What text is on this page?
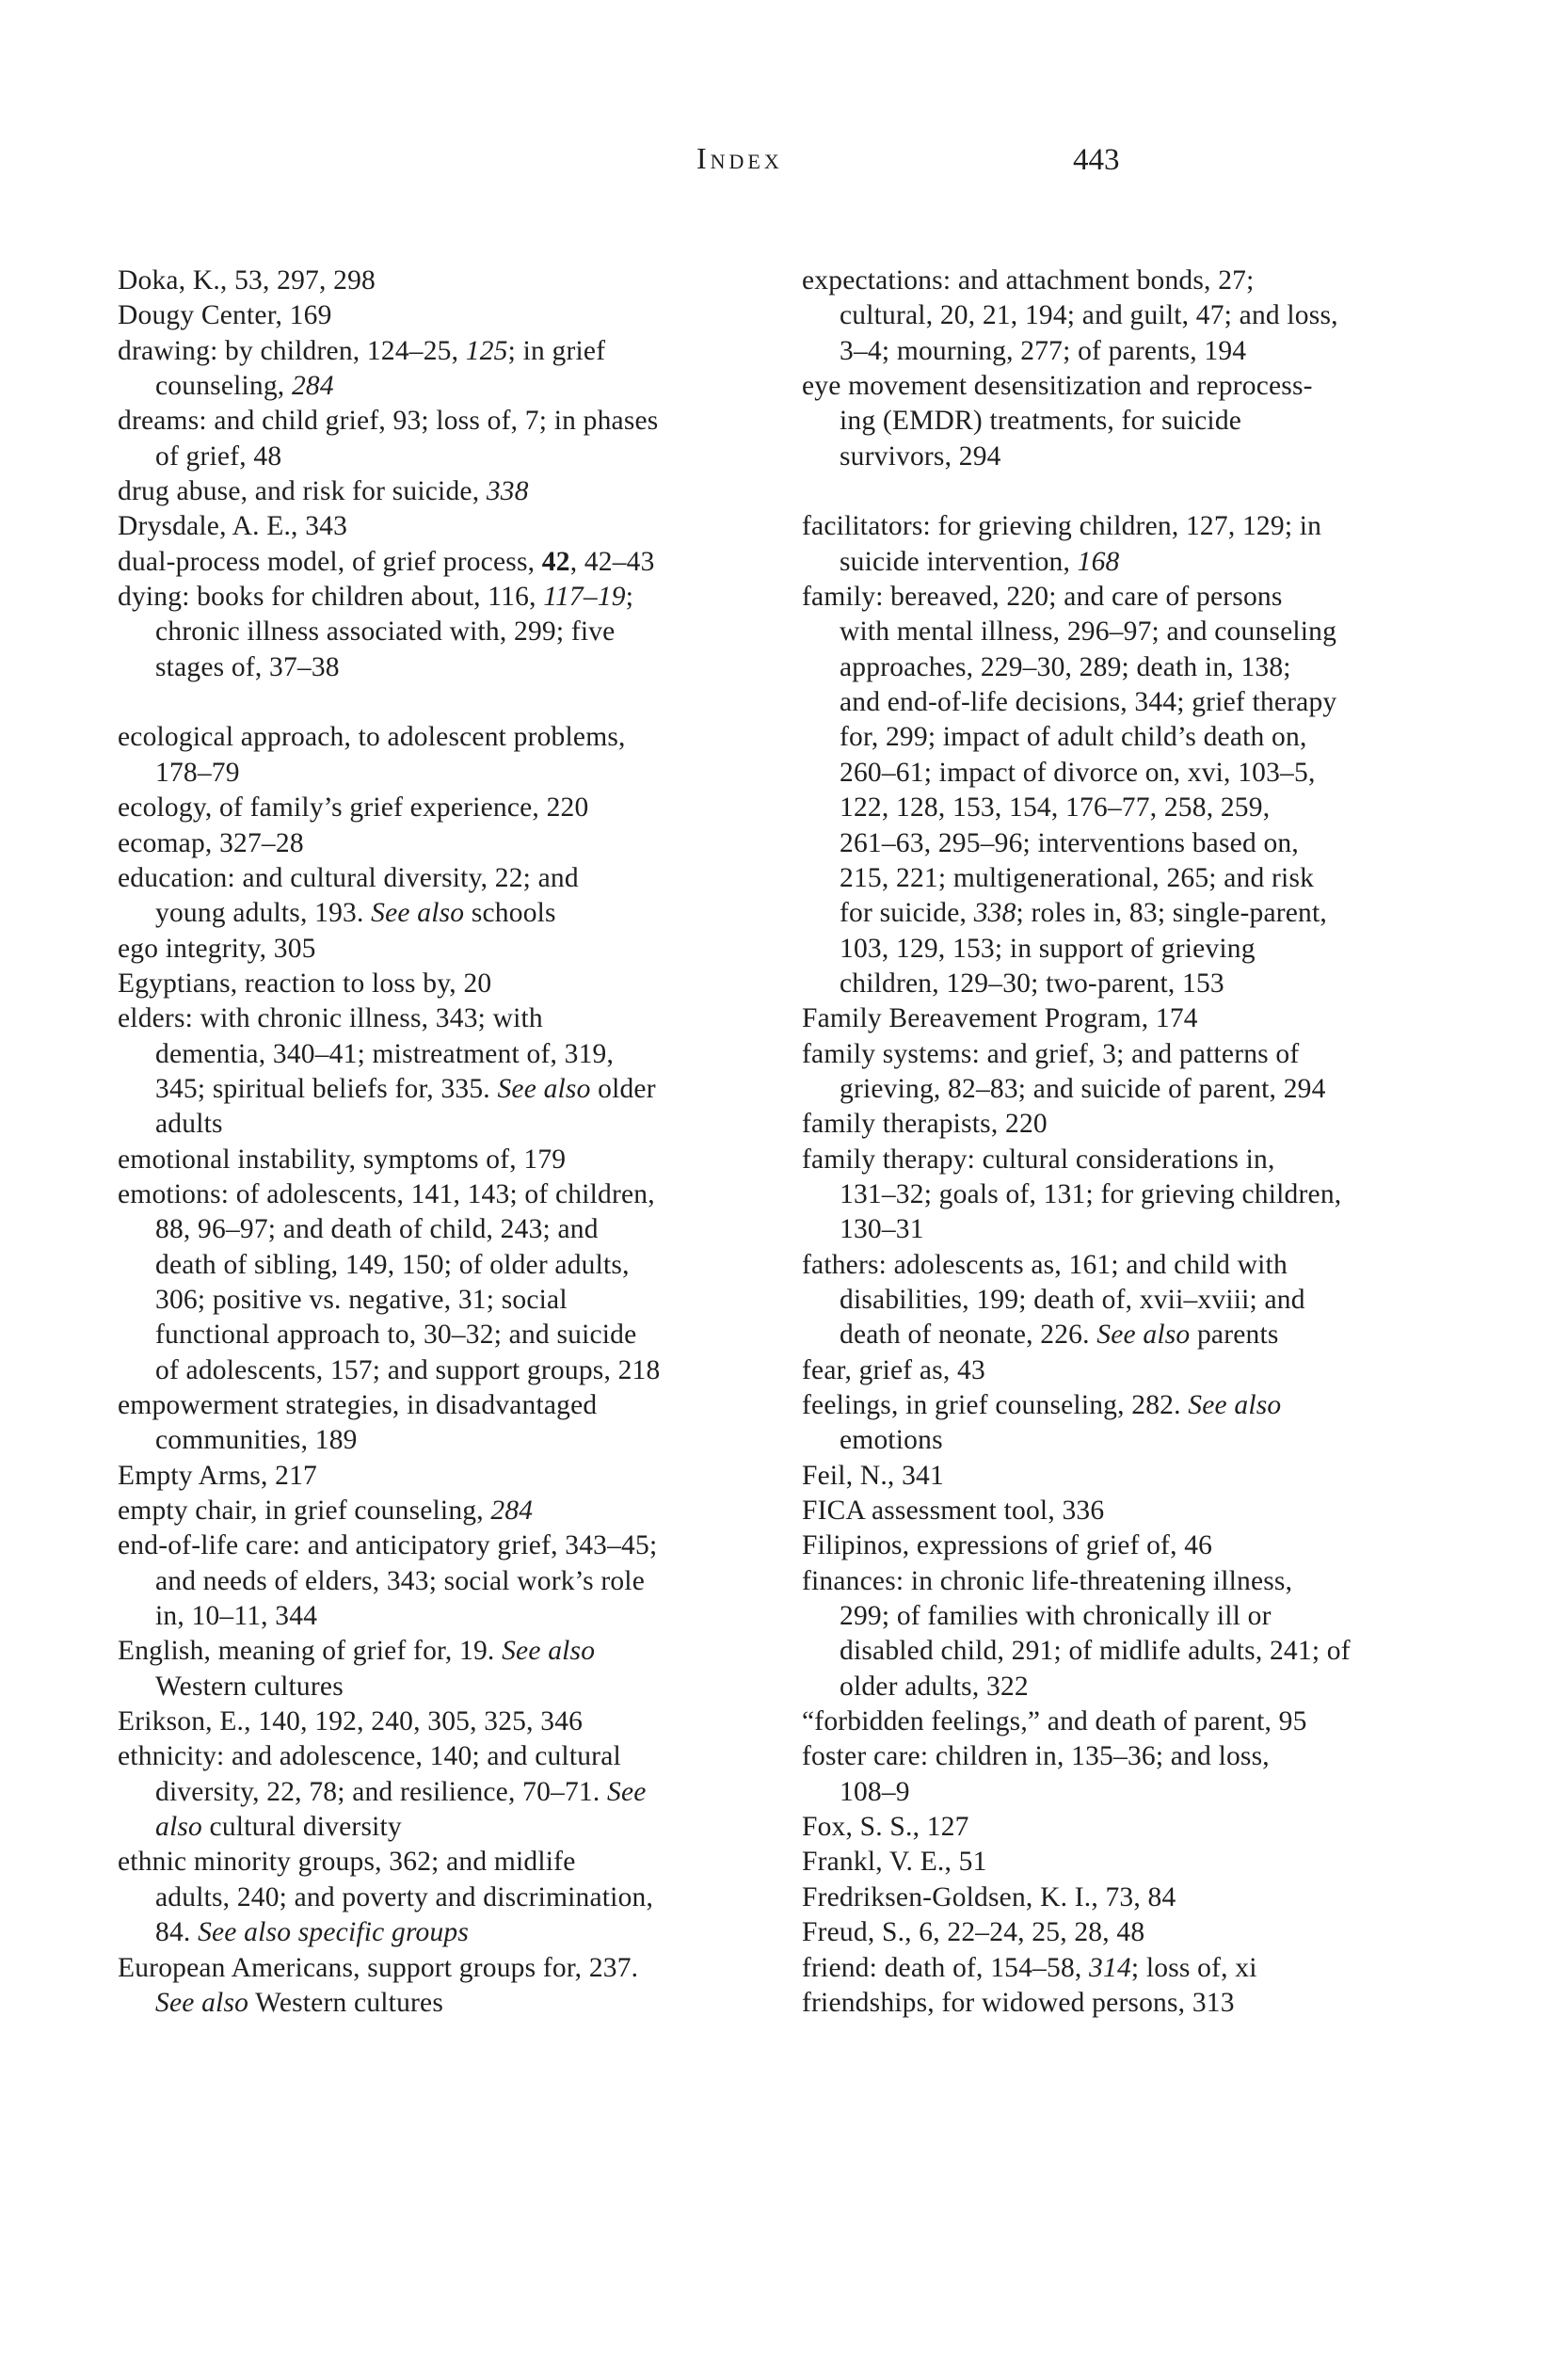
Index	443
Doka, K., 53, 297, 298
Dougy Center, 169
drawing: by children, 124–25, 125; in grief
counseling, 284
dreams: and child grief, 93; loss of, 7; in phases
of grief, 48
drug abuse, and risk for suicide, 338
Drysdale, A. E., 343
dual-process model, of grief process, 42, 42–43
dying: books for children about, 116, 117–19;
chronic illness associated with, 299; five
stages of, 37–38
ecological approach, to adolescent problems,
178–79
ecology, of family’s grief experience, 220
ecomap, 327–28
education: and cultural diversity, 22; and
young adults, 193. See also schools
ego integrity, 305
Egyptians, reaction to loss by, 20
elders: with chronic illness, 343; with
dementia, 340–41; mistreatment of, 319,
345; spiritual beliefs for, 335. See also older
adults
emotional instability, symptoms of, 179
emotions: of adolescents, 141, 143; of children,
88, 96–97; and death of child, 243; and
death of sibling, 149, 150; of older adults,
306; positive vs. negative, 31; social
functional approach to, 30–32; and suicide
of adolescents, 157; and support groups, 218
empowerment strategies, in disadvantaged
communities, 189
Empty Arms, 217
empty chair, in grief counseling, 284
end-of-life care: and anticipatory grief, 343–45;
and needs of elders, 343; social work’s role
in, 10–11, 344
English, meaning of grief for, 19. See also
Western cultures
Erikson, E., 140, 192, 240, 305, 325, 346
ethnicity: and adolescence, 140; and cultural
diversity, 22, 78; and resilience, 70–71. See
also cultural diversity
ethnic minority groups, 362; and midlife
adults, 240; and poverty and discrimination,
84. See also specific groups
European Americans, support groups for, 237.
See also Western cultures
expectations: and attachment bonds, 27;
cultural, 20, 21, 194; and guilt, 47; and loss,
3–4; mourning, 277; of parents, 194
eye movement desensitization and reprocess-
ing (EMDR) treatments, for suicide
survivors, 294
facilitators: for grieving children, 127, 129; in
suicide intervention, 168
family: bereaved, 220; and care of persons
with mental illness, 296–97; and counseling
approaches, 229–30, 289; death in, 138;
and end-of-life decisions, 344; grief therapy
for, 299; impact of adult child’s death on,
260–61; impact of divorce on, xvi, 103–5,
122, 128, 153, 154, 176–77, 258, 259,
261–63, 295–96; interventions based on,
215, 221; multigenerational, 265; and risk
for suicide, 338; roles in, 83; single-parent,
103, 129, 153; in support of grieving
children, 129–30; two-parent, 153
Family Bereavement Program, 174
family systems: and grief, 3; and patterns of
grieving, 82–83; and suicide of parent, 294
family therapists, 220
family therapy: cultural considerations in,
131–32; goals of, 131; for grieving children,
130–31
fathers: adolescents as, 161; and child with
disabilities, 199; death of, xvii–xviii; and
death of neonate, 226. See also parents
fear, grief as, 43
feelings, in grief counseling, 282. See also
emotions
Feil, N., 341
FICA assessment tool, 336
Filipinos, expressions of grief of, 46
finances: in chronic life-threatening illness,
299; of families with chronically ill or
disabled child, 291; of midlife adults, 241; of
older adults, 322
“forbidden feelings,” and death of parent, 95
foster care: children in, 135–36; and loss,
108–9
Fox, S. S., 127
Frankl, V. E., 51
Fredriksen-Goldsen, K. I., 73, 84
Freud, S., 6, 22–24, 25, 28, 48
friend: death of, 154–58, 314; loss of, xi
friendships, for widowed persons, 313
